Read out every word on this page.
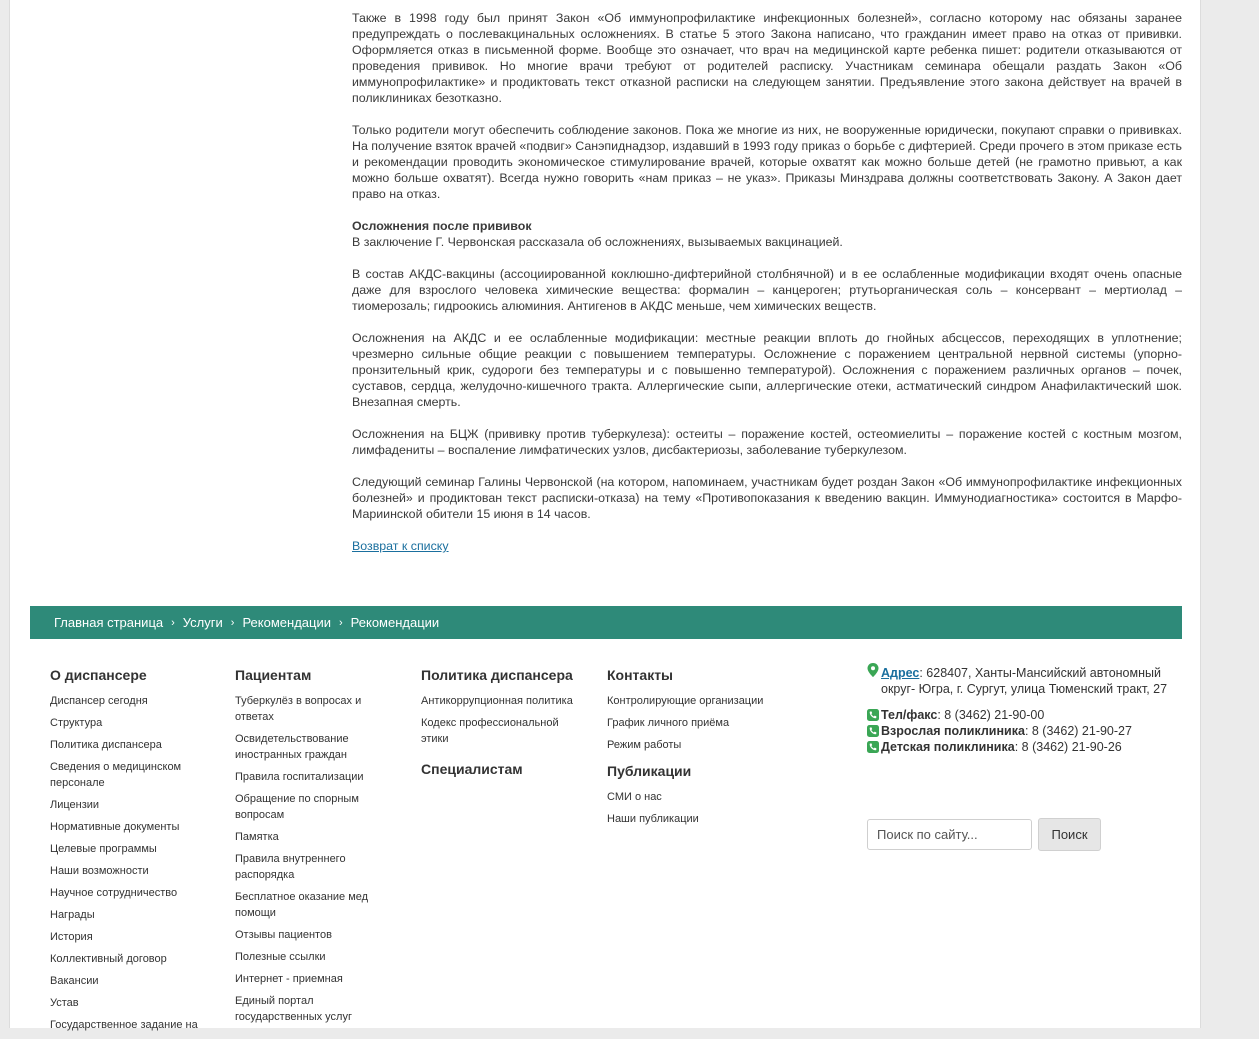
Также в 1998 году был принят Закон «Об иммунопрофилактике инфекционных болезней», согласно которому нас обязаны заранее предупреждать о послевакцинальных осложнениях. В статье 5 этого Закона написано, что гражданин имеет право на отказ от прививки. Оформляется отказ в письменной форме. Вообще это означает, что врач на медицинской карте ребенка пишет: родители отказываются от проведения прививок. Но многие врачи требуют от родителей расписку. Участникам семинара обещали раздать Закон «Об иммунопрофилактике» и продиктовать текст отказной расписки на следующем занятии. Предъявление этого закона действует на врачей в поликлиниках безотказно.

Только родители могут обеспечить соблюдение законов. Пока же многие из них, не вооруженные юридически, покупают справки о прививках. На получение взяток врачей «подвиг» Санэпиднадзор, издавший в 1993 году приказ о борьбе с дифтерией. Среди прочего в этом приказе есть и рекомендации проводить экономическое стимулирование врачей, которые охватят как можно больше детей (не грамотно привьют, а как можно больше охватят). Всегда нужно говорить «нам приказ – не указ». Приказы Минздрава должны соответствовать Закону. А Закон дает право на отказ.

Осложнения после прививок
В заключение Г. Червонская рассказала об осложнениях, вызываемых вакцинацией.

В состав АКДС-вакцины (ассоциированной коклюшно-дифтерийной столбнячной) и в ее ослабленные модификации входят очень опасные даже для взрослого человека химические вещества: формалин – канцероген; ртутьорганическая соль – консервант – мертиолад – тиомерозаль; гидроокись алюминия. Антигенов в АКДС меньше, чем химических веществ.

Осложнения на АКДС и ее ослабленные модификации: местные реакции вплоть до гнойных абсцессов, переходящих в уплотнение; чрезмерно сильные общие реакции с повышением температуры. Осложнение с поражением центральной нервной системы (упорно-пронзительный крик, судороги без температуры и с повышенно температурой). Осложнения с поражением различных органов – почек, суставов, сердца, желудочно-кишечного тракта. Аллергические сыпи, аллергические отеки, астматический синдром Анафилактический шок. Внезапная смерть.

Осложнения на БЦЖ (прививку против туберкулеза): остеиты – поражение костей, остеомиелиты – поражение костей с костным мозгом, лимфадениты – воспаление лимфатических узлов, дисбактериозы, заболевание туберкулезом.

Следующий семинар Галины Червонской (на котором, напоминаем, участникам будет роздан Закон «Об иммунопрофилактике инфекционных болезней» и продиктован текст расписки-отказа) на тему «Противопоказания к введению вакцин. Иммунодиагностика» состоится в Марфо-Мариинской обители 15 июня в 14 часов.

Возврат к списку

Главная страница › Услуги › Рекомендации › Рекомендации
О диспансере
Диспансер сегодня
Структура
Политика диспансера
Сведения о медицинском персонале
Лицензии
Нормативные документы
Целевые программы
Наши возможности
Научное сотрудничество
Награды
История
Коллективный договор
Вакансии
Устав
Государственное задание на
Пациентам
Туберкулёз в вопросах и ответах
Освидетельствование иностранных граждан
Правила госпитализации
Обращение по спорным вопросам
Памятка
Правила внутреннего распорядка
Бесплатное оказание мед помощи
Отзывы пациентов
Полезные ссылки
Интернет - приемная
Единый портал государственных услуг
Политика диспансера
Антикоррупционная политика
Кодекс профессиональной этики
Специалистам
Контакты
Контролирующие организации
График личного приёма
Режим работы
Публикации
СМИ о нас
Наши публикации
Адрес: 628407, Ханты-Мансийский автономный округ- Югра, г. Сургут, улица Тюменский тракт, 27
Тел/факс: 8 (3462) 21-90-00
Взрослая поликлиника: 8 (3462) 21-90-27
Детская поликлиника: 8 (3462) 21-90-26
Поиск по сайту...
Поиск
